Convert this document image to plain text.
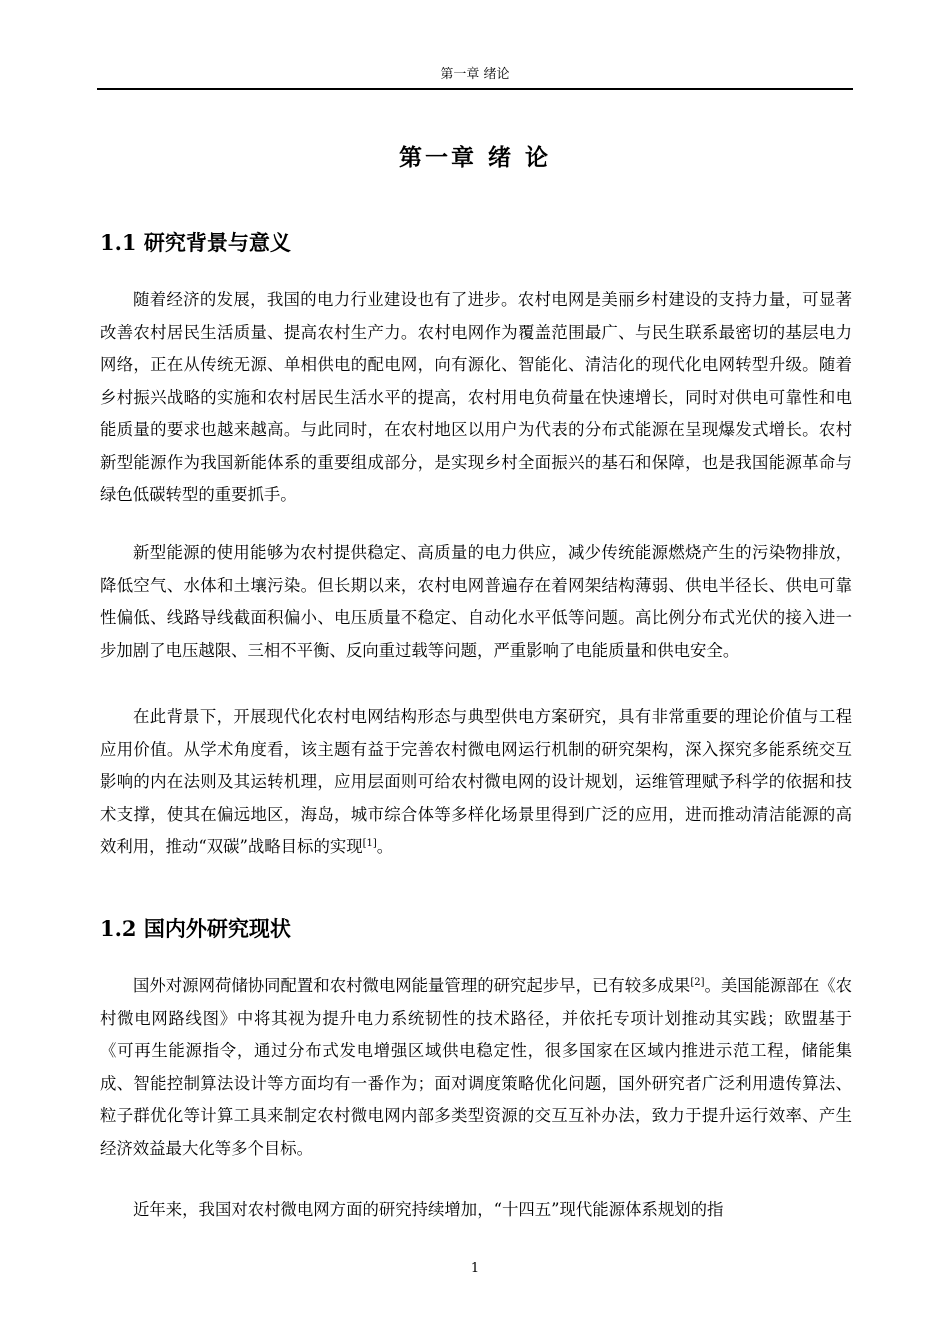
第一章 绪论
第一章 绪 论
1.1 研究背景与意义

随着经济的发展，我国的电力行业建设也有了进步。农村电网是美丽乡村建设的支持力量，可显著改善农村居民生活质量、提高农村生产力。农村电网作为覆盖范围最广、与民生联系最密切的基层电力网络，正在从传统无源、单相供电的配电网，向有源化、智能化、清洁化的现代化电网转型升级。随着乡村振兴战略的实施和农村居民生活水平的提高，农村用电负荷量在快速增长，同时对供电可靠性和电能质量的要求也越来越高。与此同时，在农村地区以用户为代表的分布式能源在呈现爆发式增长。农村新型能源作为我国新能体系的重要组成部分，是实现乡村全面振兴的基石和保障，也是我国能源革命与绿色低碳转型的重要抓手。

新型能源的使用能够为农村提供稳定、高质量的电力供应，减少传统能源燃烧产生的污染物排放，降低空气、水体和土壤污染。但长期以来，农村电网普遍存在着网架结构薄弱、供电半径长、供电可靠性偏低、线路导线截面积偏小、电压质量不稳定、自动化水平低等问题。高比例分布式光伏的接入进一步加剧了电压越限、三相不平衡、反向重过载等问题，严重影响了电能质量和供电安全。

在此背景下，开展现代化农村电网结构形态与典型供电方案研究，具有非常重要的理论价值与工程应用价值。从学术角度看，该主题有益于完善农村微电网运行机制的研究架构，深入探究多能系统交互影响的内在法则及其运转机理，应用层面则可给农村微电网的设计规划，运维管理赋予科学的依据和技术支撑，使其在偏远地区，海岛，城市综合体等多样化场景里得到广泛的应用，进而推动清洁能源的高效利用，推动“双碳”战略目标的实现[1]。

1.2 国内外研究现状

国外对源网荷储协同配置和农村微电网能量管理的研究起步早，已有较多成果[2]。美国能源部在《农村微电网路线图》中将其视为提升电力系统韧性的技术路径，并依托专项计划推动其实践；欧盟基于《可再生能源指令，通过分布式发电增强区域供电稳定性，很多国家在区域内推进示范工程，储能集成、智能控制算法设计等方面均有一番作为；面对调度策略优化问题，国外研究者广泛利用遗传算法、粒子群优化等计算工具来制定农村微电网内部多类型资源的交互互补办法，致力于提升运行效率、产生经济效益最大化等多个目标。

近年来，我国对农村微电网方面的研究持续增加，“十四五”现代能源体系规划的指

1
